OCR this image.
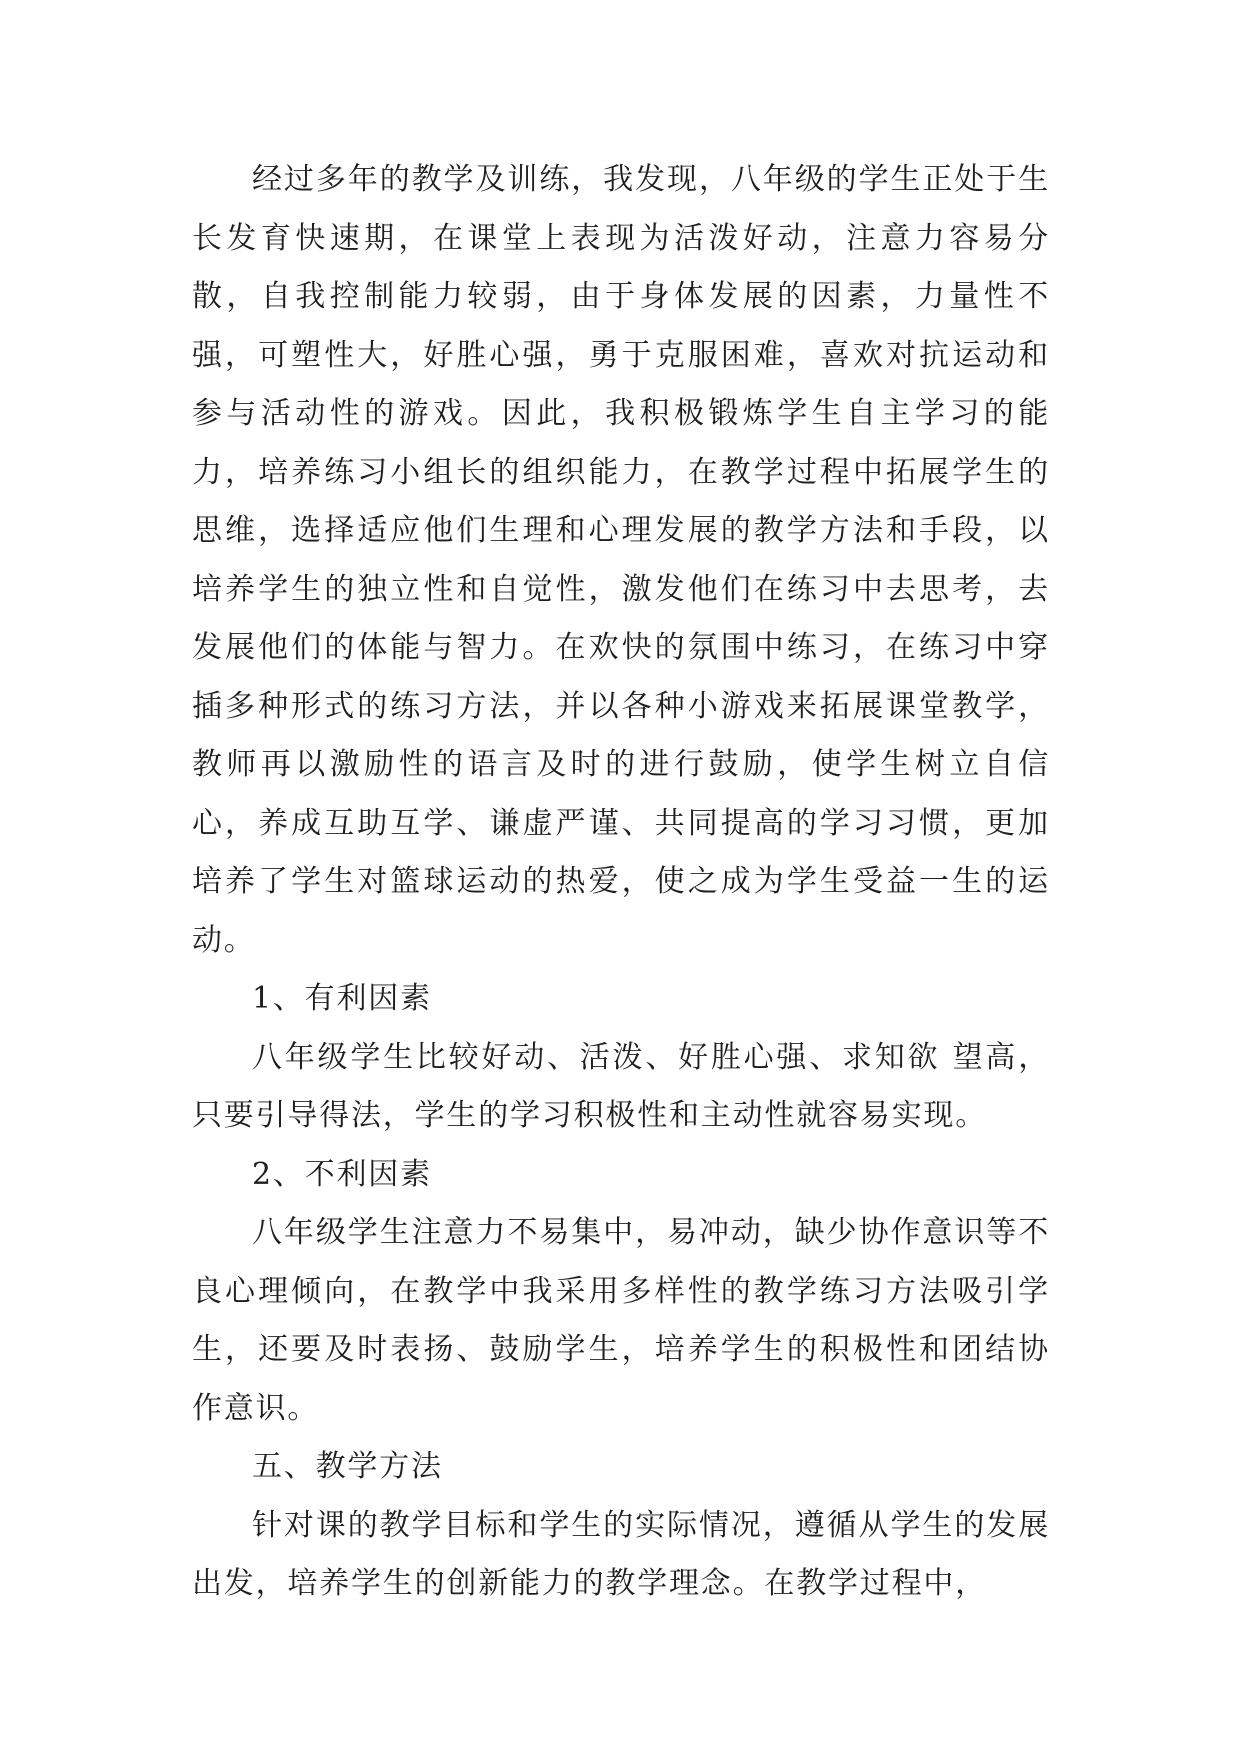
经过多年的教学及训练，我发现，八年级的学生正处于生长发育快速期，在课堂上表现为活泼好动，注意力容易分散，自我控制能力较弱，由于身体发展的因素，力量性不强，可塑性大，好胜心强，勇于克服困难，喜欢对抗运动和参与活动性的游戏。因此，我积极锻炼学生自主学习的能力，培养练习小组长的组织能力，在教学过程中拓展学生的思维，选择适应他们生理和心理发展的教学方法和手段，以培养学生的独立性和自觉性，激发他们在练习中去思考，去发展他们的体能与智力。在欢快的氛围中练习，在练习中穿插多种形式的练习方法，并以各种小游戏来拓展课堂教学，教师再以激励性的语言及时的进行鼓励，使学生树立自信心，养成互助互学、谦虚严谨、共同提高的学习习惯，更加培养了学生对篮球运动的热爱，使之成为学生受益一生的运动。

1、有利因素

八年级学生比较好动、活泼、好胜心强、求知欲 望高，只要引导得法，学生的学习积极性和主动性就容易实现。

2、不利因素

八年级学生注意力不易集中，易冲动，缺少协作意识等不良心理倾向，在教学中我采用多样性的教学练习方法吸引学生，还要及时表扬、鼓励学生，培养学生的积极性和团结协作意识。

五、教学方法

针对课的教学目标和学生的实际情况，遵循从学生的发展出发，培养学生的创新能力的教学理念。在教学过程中，
